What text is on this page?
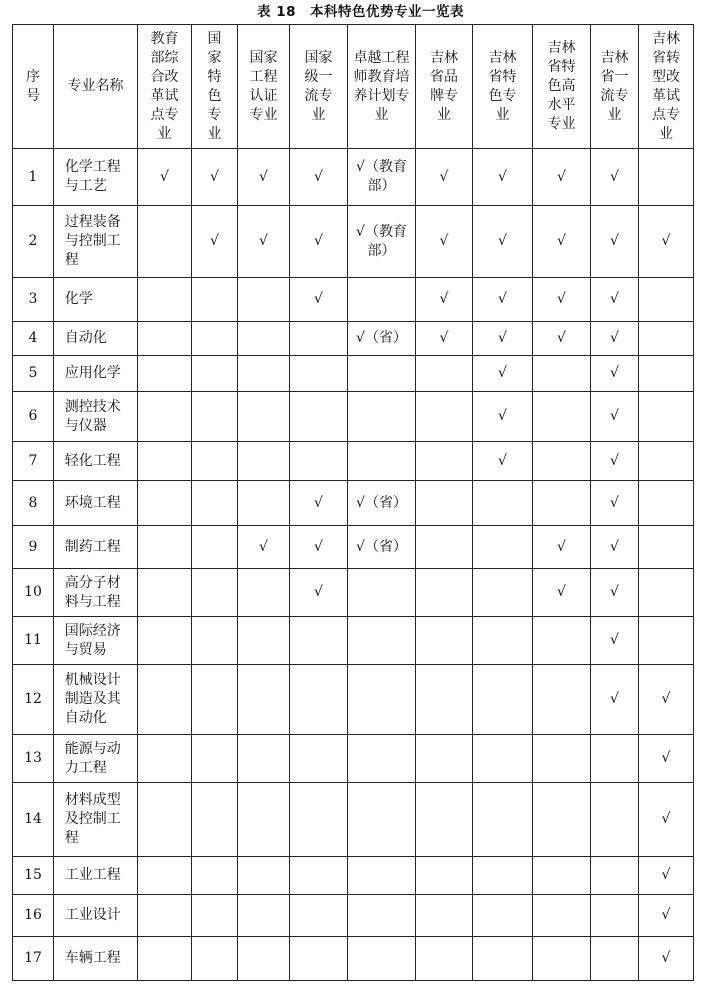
表 18　本科特色优势专业一览表
序号	专业名称	教育部综合改革试点专业	国家特色专业	国家工程认证专业	国家级一流专业	卓越工程师教育培养计划专业	吉林省品牌专业	吉林省特色专业	吉林省特色高水平专业	吉林省一流专业	吉林省转型改革试点专业
1	化学工程与工艺	√	√	√	√	√（教育部）	√	√	√	√	
2	过程装备与控制工程		√	√	√	√（教育部）	√	√	√	√	√
3	化学				√		√	√	√	√	
4	自动化					√（省）	√	√	√	√	
5	应用化学							√		√	
6	测控技术与仪器							√		√	
7	轻化工程							√		√	
8	环境工程				√	√（省）				√	
9	制药工程			√	√	√（省）			√	√	
10	高分子材料与工程				√				√	√	
11	国际经济与贸易									√	
12	机械设计制造及其自动化									√	√
13	能源与动力工程										√
14	材料成型及控制工程										√
15	工业工程										√
16	工业设计										√
17	车辆工程										√
